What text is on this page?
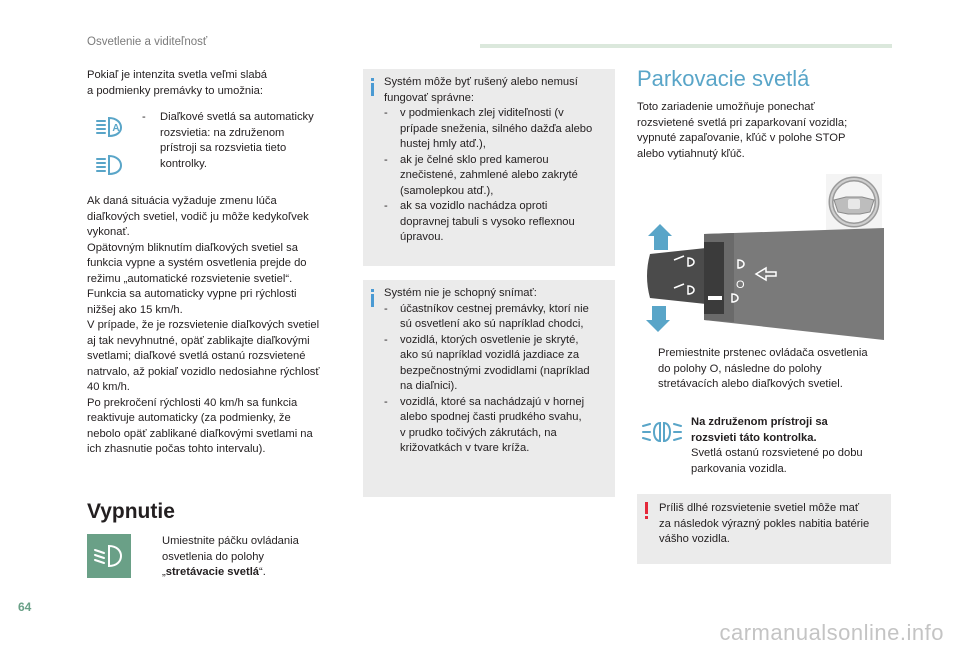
Osvetlenie a viditeľnosť
Pokiaľ je intenzita svetla veľmi slabá
a podmienky premávky to umožnia:
A
-	Diaľkové svetlá sa automaticky
rozsvietia: na združenom
prístroji sa rozsvietia tieto
kontrolky.
Ak daná situácia vyžaduje zmenu lúča
diaľkových svetiel, vodič ju môže kedykoľvek
vykonať.
Opätovným bliknutím diaľkových svetiel sa
funkcia vypne a systém osvetlenia prejde do
režimu „automatické rozsvietenie svetiel“.
Funkcia sa automaticky vypne pri rýchlosti
nižšej ako 15 km/h.
V prípade, že je rozsvietenie diaľkových svetiel
aj tak nevyhnutné, opäť zablikajte diaľkovými
svetlami; diaľkové svetlá ostanú rozsvietené
natrvalo, až pokiaľ vozidlo nedosiahne rýchlosť
40 km/h.
Po prekročení rýchlosti 40 km/h sa funkcia
reaktivuje automaticky (za podmienky, že
nebolo opäť zablikané diaľkovými svetlami na
ich zhasnutie počas tohto intervalu).
Vypnutie
Umiestnite páčku ovládania
osvetlenia do polohy
„stretávacie svetlá“.
Systém môže byť rušený alebo nemusí
fungovať správne:
-	v podmienkach zlej viditeľnosti (v
prípade sneženia, silného dažďa alebo
hustej hmly atď.),
-	ak je čelné sklo pred kamerou
znečistené, zahmlené alebo zakryté
(samolepkou atď.),
-	ak sa vozidlo nachádza oproti
dopravnej tabuli s vysoko reflexnou
úpravou.
Systém nie je schopný snímať:
-	účastníkov cestnej premávky, ktorí nie
sú osvetlení ako sú napríklad chodci,
-	vozidlá, ktorých osvetlenie je skryté,
ako sú napríklad vozidlá jazdiace za
bezpečnostnými zvodidlami (napríklad
na diaľnici).
-	vozidlá, ktoré sa nachádzajú v hornej
alebo spodnej časti prudkého svahu,
v prudko točivých zákrutách, na
križovatkách v tvare kríža.
Parkovacie svetlá
Toto zariadenie umožňuje ponechať
rozsvietené svetlá pri zaparkovaní vozidla;
vypnuté zapaľovanie, kľúč v polohe STOP
alebo vytiahnutý kľúč.
O
Premiestnite prstenec ovládača osvetlenia
do polohy O, následne do polohy
stretávacích alebo diaľkových svetiel.
Na združenom prístroji sa
rozsvieti táto kontrolka.
Svetlá ostanú rozsvietené po dobu
parkovania vozidla.
Príliš dlhé rozsvietenie svetiel môže mať
za následok výrazný pokles nabitia batérie
vášho vozidla.
64
carmanualsonline.info
